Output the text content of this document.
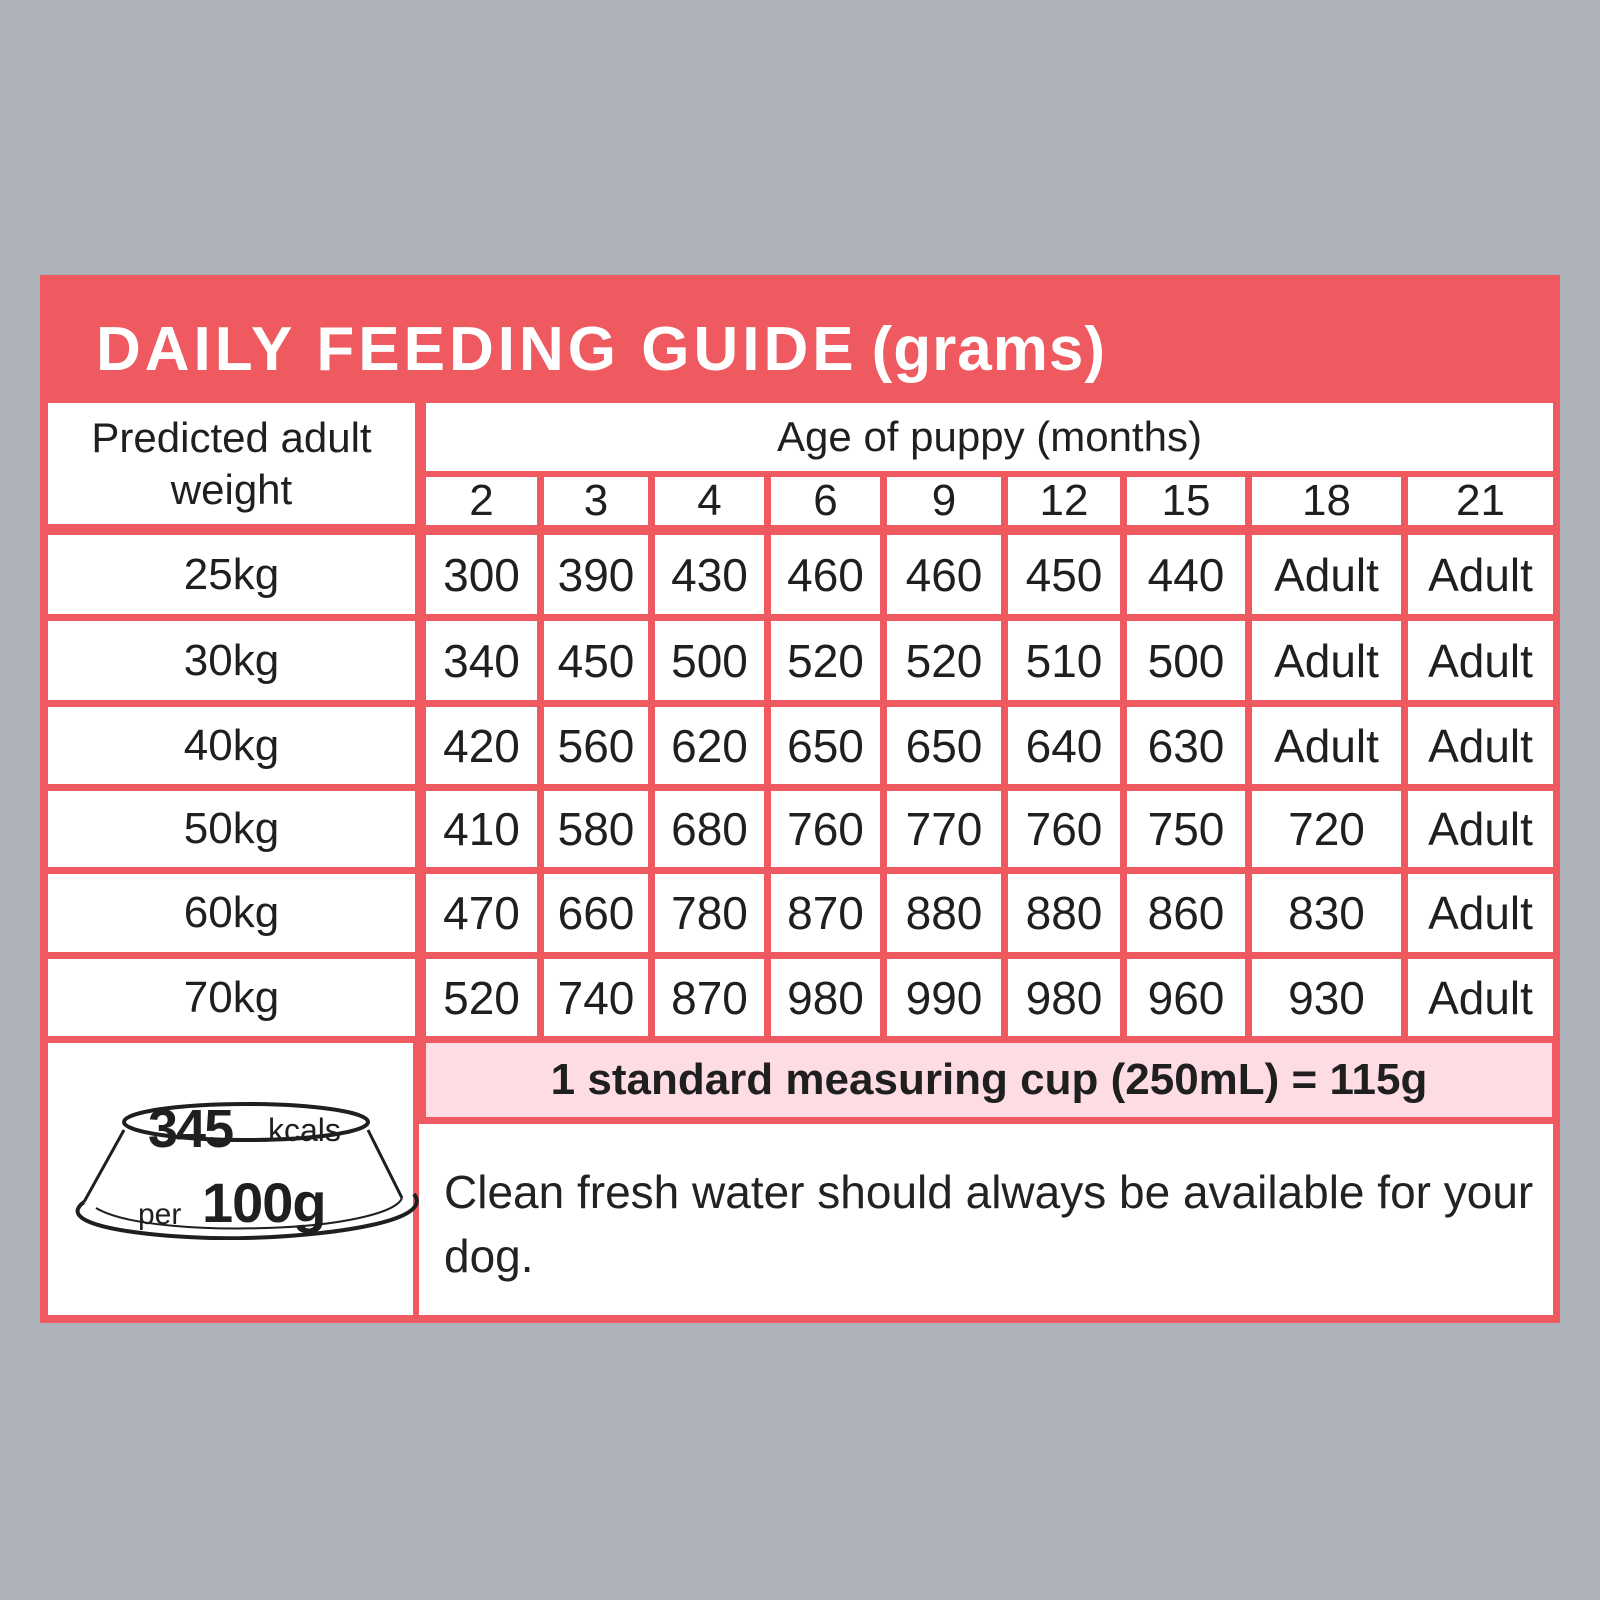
DAILY FEEDING GUIDE (grams)
Predicted adult
weight
Age of puppy (months)
2	3	4	6	9	12	15	18	21
25kg	300 390 430 460 460 450 440	Adult	Adult
30kg	340 450 500 520 520 510 500	Adult	Adult
40kg	420 560 620 650 650 640 630	Adult	Adult
50kg	410 580 680 760 770 760 750	720	Adult
60kg	470 660 780 870 880 880 860	830	Adult
70kg	520 740 870 980 990 980 960	930	Adult
1 standard measuring cup (250mL) = 115g
345 kcals
per 100g	Clean fresh water should always be available for your dog.
